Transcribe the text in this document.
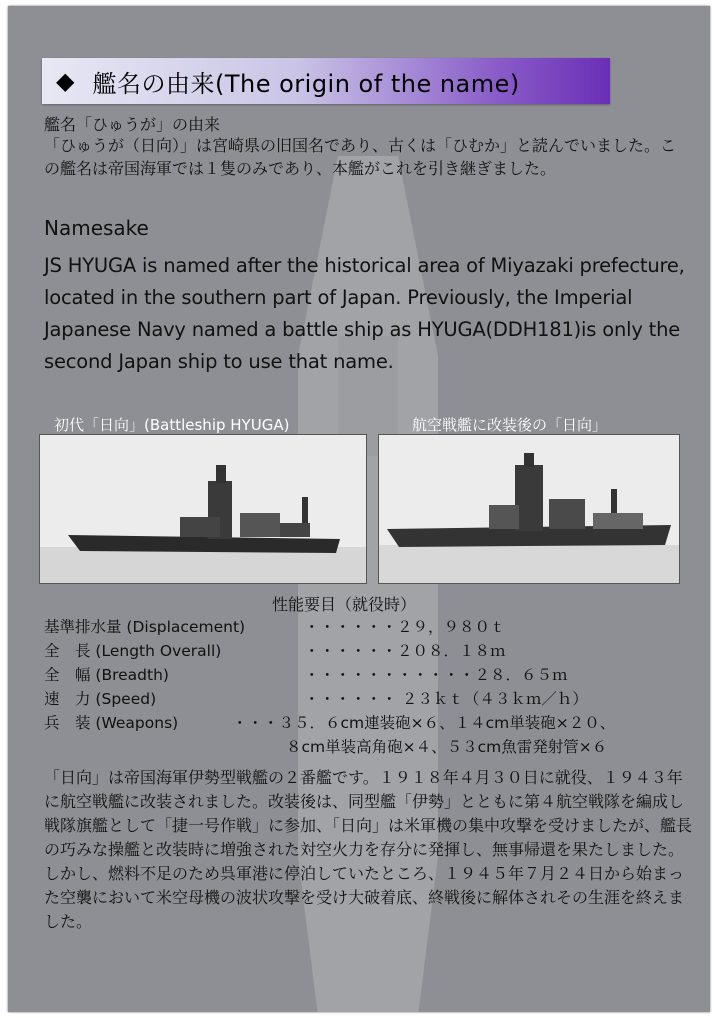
◆ 艦名の由来(The origin of the name)
艦名「ひゅうが」の由来

「ひゅうが（日向）」は宮崎県の旧国名であり、古くは「ひむか」と読んでいました。この艦名は帝国海軍では１隻のみであり、本艦がこれを引き継ぎました。

Namesake

JS HYUGA is named after the historical area of Miyazaki prefecture, located in the southern part of Japan. Previously, the Imperial Japanese Navy named a battle ship as HYUGA(DDH181)is only the second Japan ship to use that name.

初代「日向」(Battleship HYUGA)	航空戦艦に改装後の「日向」
性能要目（就役時）
基準排水量 (Displacement)	・・・・・・２９，９８０ｔ
全　長 (Length Overall)	・・・・・・２０８．１８ｍ
全　幅 (Breadth)	・・・・・・・・・・・２８．６５ｍ
速　力 (Speed)	・・・・・・ ２３ｋｔ（４３ｋｍ／ｈ）
兵　装 (Weapons)	・・・３５．６cm連装砲×６、１４cm単装砲×２０、
８cm単装高角砲×４、５３cm魚雷発射管×６

「日向」は帝国海軍伊勢型戦艦の２番艦です。１９１８年４月３０日に就役、１９４３年に航空戦艦に改装されました。改装後は、同型艦「伊勢」とともに第４航空戦隊を編成し戦隊旗艦として「捷一号作戦」に参加、「日向」は米軍機の集中攻撃を受けましたが、艦長の巧みな操艦と改装時に増強された対空火力を存分に発揮し、無事帰還を果たしました。しかし、燃料不足のため呉軍港に停泊していたところ、１９４５年７月２４日から始まった空襲において米空母機の波状攻撃を受け大破着底、終戦後に解体されその生涯を終えました。
